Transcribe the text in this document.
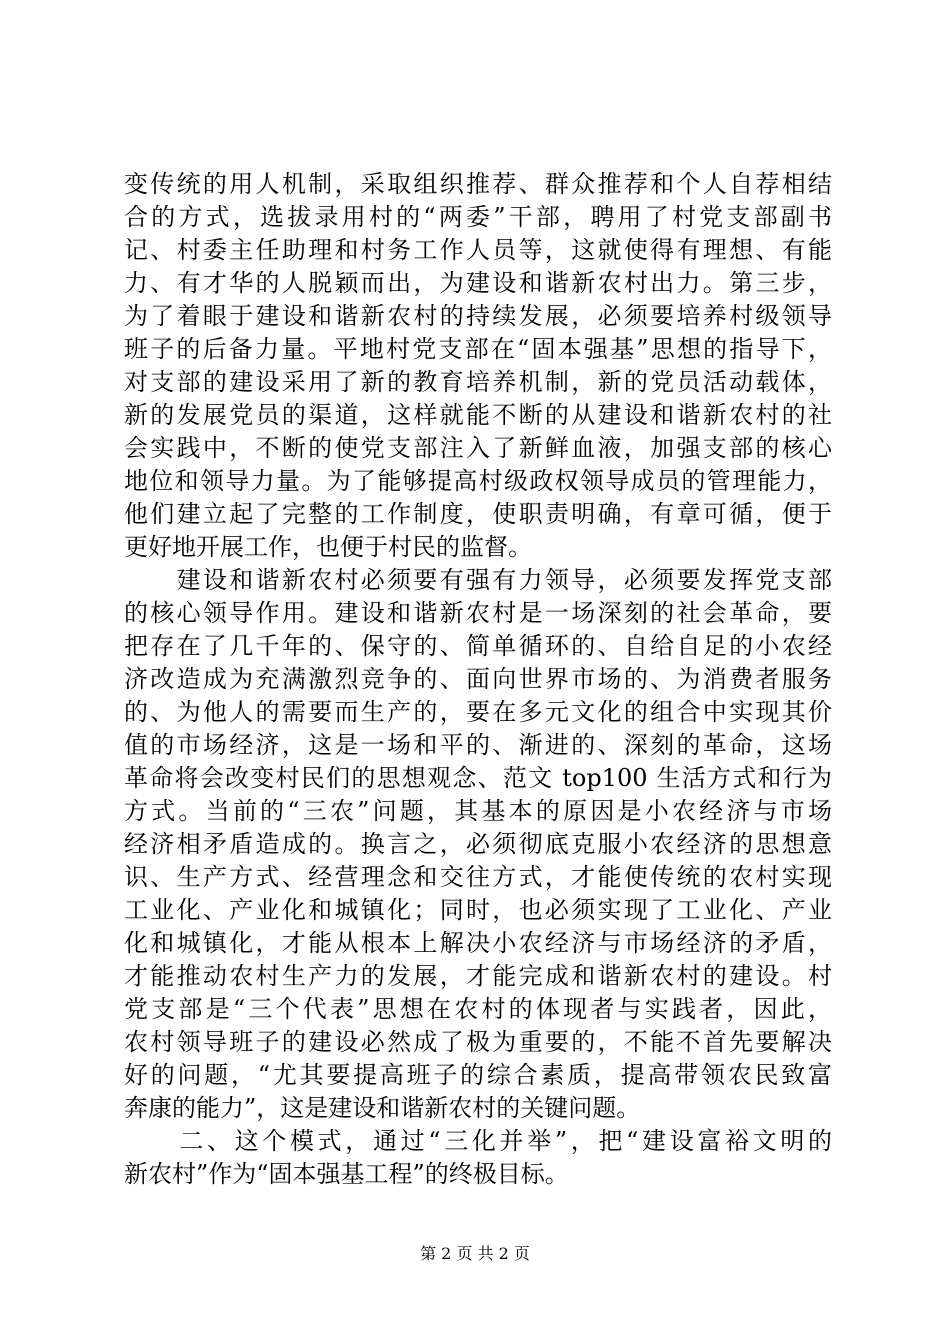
变传统的用人机制，采取组织推荐、群众推荐和个人自荐相结
合的方式，选拔录用村的“两委”干部，聘用了村党支部副书
记、村委主任助理和村务工作人员等，这就使得有理想、有能
力、有才华的人脱颖而出，为建设和谐新农村出力。第三步，
为了着眼于建设和谐新农村的持续发展，必须要培养村级领导
班子的后备力量。平地村党支部在“固本强基”思想的指导下，
对支部的建设采用了新的教育培养机制，新的党员活动载体，
新的发展党员的渠道，这样就能不断的从建设和谐新农村的社
会实践中，不断的使党支部注入了新鲜血液，加强支部的核心
地位和领导力量。为了能够提高村级政权领导成员的管理能力，
他们建立起了完整的工作制度，使职责明确，有章可循，便于
更好地开展工作，也便于村民的监督。
　　建设和谐新农村必须要有强有力领导，必须要发挥党支部
的核心领导作用。建设和谐新农村是一场深刻的社会革命，要
把存在了几千年的、保守的、简单循环的、自给自足的小农经
济改造成为充满激烈竞争的、面向世界市场的、为消费者服务
的、为他人的需要而生产的，要在多元文化的组合中实现其价
值的市场经济，这是一场和平的、渐进的、深刻的革命，这场
革命将会改变村民们的思想观念、范文 top100 生活方式和行为
方式。当前的“三农”问题，其基本的原因是小农经济与市场
经济相矛盾造成的。换言之，必须彻底克服小农经济的思想意
识、生产方式、经营理念和交往方式，才能使传统的农村实现
工业化、产业化和城镇化；同时，也必须实现了工业化、产业
化和城镇化，才能从根本上解决小农经济与市场经济的矛盾，
才能推动农村生产力的发展，才能完成和谐新农村的建设。村
党支部是“三个代表”思想在农村的体现者与实践者，因此，
农村领导班子的建设必然成了极为重要的，不能不首先要解决
好的问题，“尤其要提高班子的综合素质，提高带领农民致富
奔康的能力”，这是建设和谐新农村的关键问题。
　　二、这个模式，通过“三化并举”，把“建设富裕文明的
新农村”作为“固本强基工程”的终极目标。
第 2 页 共 2 页
